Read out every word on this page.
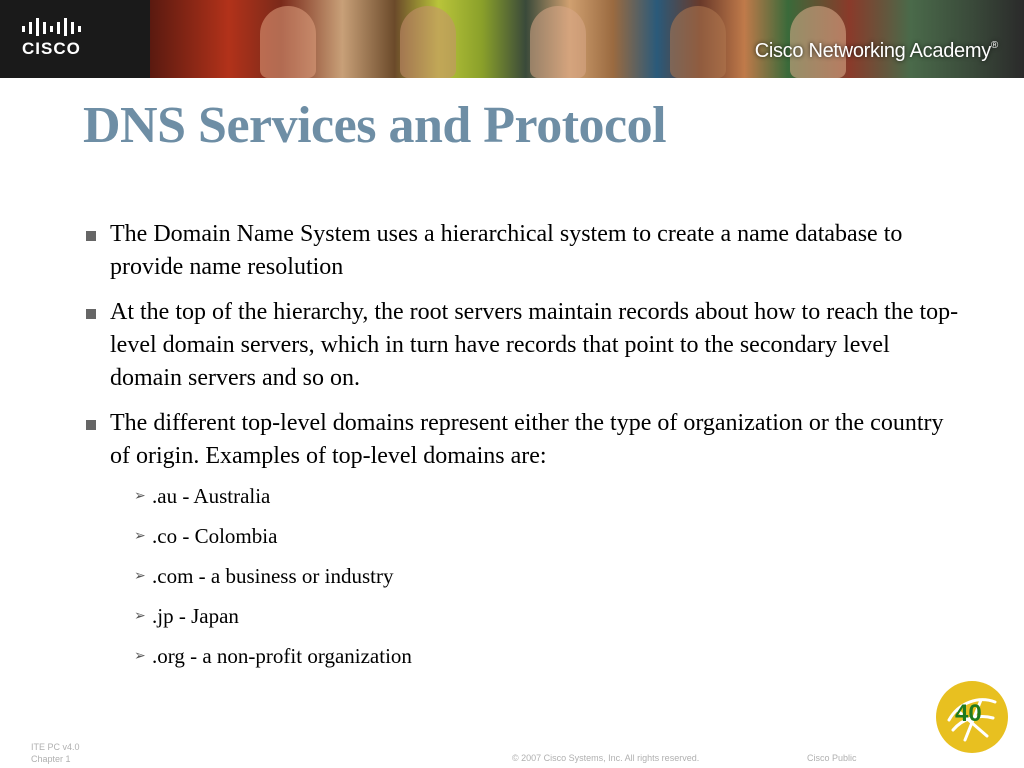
CISCO	Cisco Networking Academy®
DNS Services and Protocol
The Domain Name System uses a hierarchical system to create a name database to provide name resolution
At the top of the hierarchy, the root servers maintain records about how to reach the top-level domain servers, which in turn have records that point to the secondary level domain servers and so on.
The different top-level domains represent either the type of organization or the country of origin. Examples of top-level domains are:
➢ .au - Australia
➢ .co - Colombia
➢ .com - a business or industry
➢ .jp - Japan
➢ .org - a non-profit organization
ITE PC v4.0
Chapter 1	© 2007 Cisco Systems, Inc. All rights reserved.	Cisco Public
40
